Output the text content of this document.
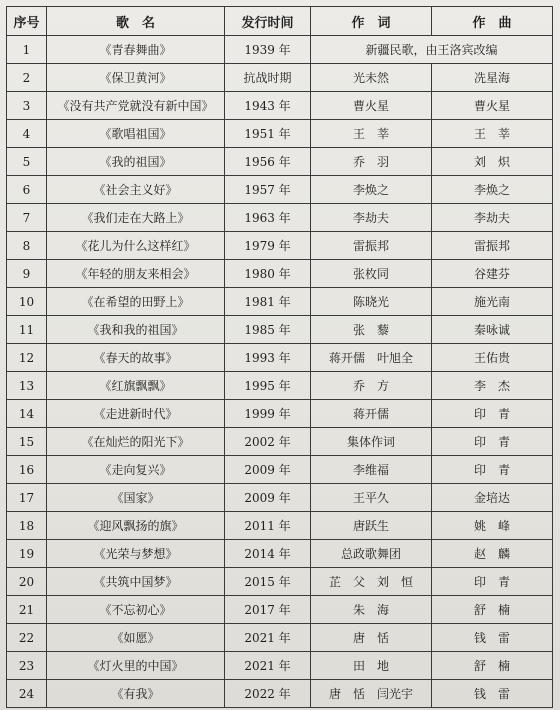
序号	歌　名	发行时间	作　词	作　曲
1	《青春舞曲》	1939 年	新疆民歌，由王洛宾改编	
2	《保卫黄河》	抗战时期	光未然	冼星海
3	《没有共产党就没有新中国》	1943 年	曹火星	曹火星
4	《歌唱祖国》	1951 年	王　莘	王　莘
5	《我的祖国》	1956 年	乔　羽	刘　炽
6	《社会主义好》	1957 年	李焕之	李焕之
7	《我们走在大路上》	1963 年	李劫夫	李劫夫
8	《花儿为什么这样红》	1979 年	雷振邦	雷振邦
9	《年轻的朋友来相会》	1980 年	张枚同	谷建芬
10	《在希望的田野上》	1981 年	陈晓光	施光南
11	《我和我的祖国》	1985 年	张　藜	秦咏诚
12	《春天的故事》	1993 年	蒋开儒　叶旭全	王佑贵
13	《红旗飘飘》	1995 年	乔　方	李　杰
14	《走进新时代》	1999 年	蒋开儒	印　青
15	《在灿烂的阳光下》	2002 年	集体作词	印　青
16	《走向复兴》	2009 年	李维福	印　青
17	《国家》	2009 年	王平久	金培达
18	《迎风飘扬的旗》	2011 年	唐跃生	姚　峰
19	《光荣与梦想》	2014 年	总政歌舞团	赵　麟
20	《共筑中国梦》	2015 年	芷　父　刘　恒	印　青
21	《不忘初心》	2017 年	朱　海	舒　楠
22	《如愿》	2021 年	唐　恬	钱　雷
23	《灯火里的中国》	2021 年	田　地	舒　楠
24	《有我》	2022 年	唐　恬　闫光宇	钱　雷
